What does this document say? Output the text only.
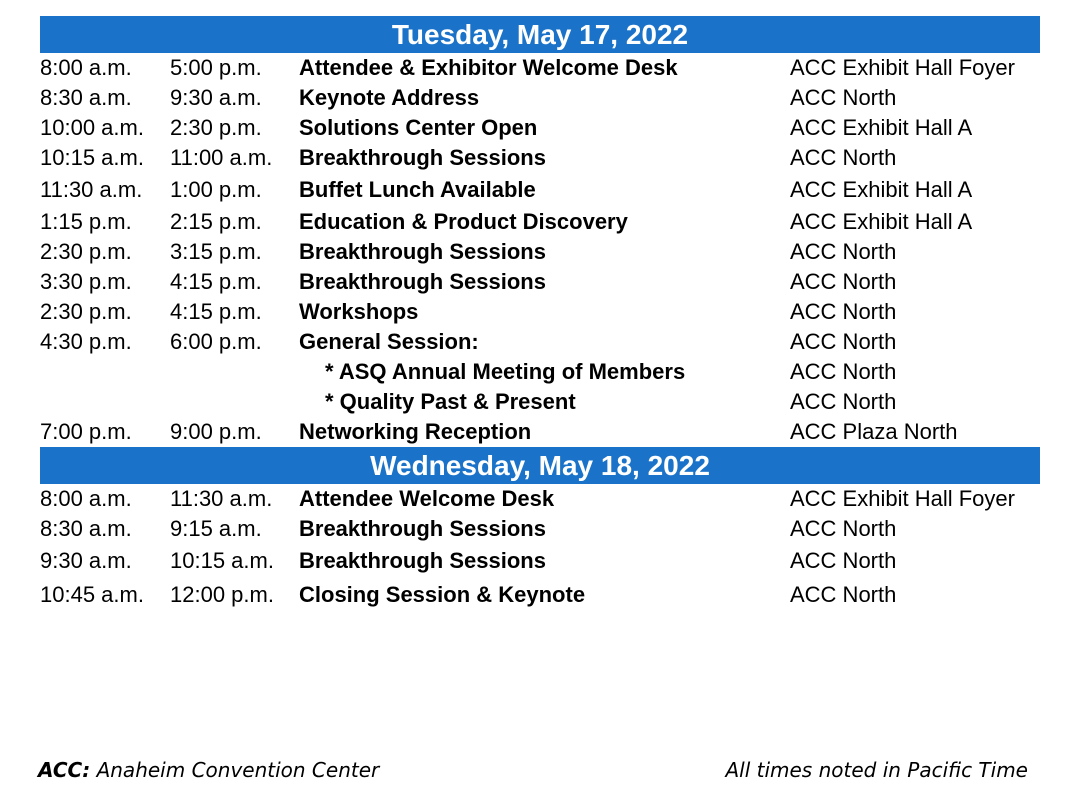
Tuesday, May 17, 2022
8:00 a.m. 5:00 p.m. Attendee & Exhibitor Welcome Desk	ACC Exhibit Hall Foyer
8:30 a.m. 9:30 a.m. Keynote Address	ACC North
10:00 a.m. 2:30 p.m. Solutions Center Open	ACC Exhibit Hall A
10:15 a.m. 11:00 a.m. Breakthrough Sessions	ACC North
11:30 a.m. 1:00 p.m. Buffet Lunch Available	ACC Exhibit Hall A
1:15 p.m. 2:15 p.m. Education & Product Discovery	ACC Exhibit Hall A
2:30 p.m. 3:15 p.m. Breakthrough Sessions	ACC North
3:30 p.m. 4:15 p.m. Breakthrough Sessions	ACC North
2:30 p.m. 4:15 p.m. Workshops	ACC North
4:30 p.m. 6:00 p.m. General Session:	ACC North
* ASQ Annual Meeting of Members	ACC North
* Quality Past & Present	ACC North
7:00 p.m. 9:00 p.m. Networking Reception	ACC Plaza North
Wednesday, May 18, 2022
8:00 a.m. 11:30 a.m. Attendee Welcome Desk	ACC Exhibit Hall Foyer
8:30 a.m. 9:15 a.m. Breakthrough Sessions	ACC North
9:30 a.m. 10:15 a.m. Breakthrough Sessions	ACC North
10:45 a.m. 12:00 p.m. Closing Session & Keynote	ACC North
ACC: Anaheim Convention Center	All times noted in Pacific Time
